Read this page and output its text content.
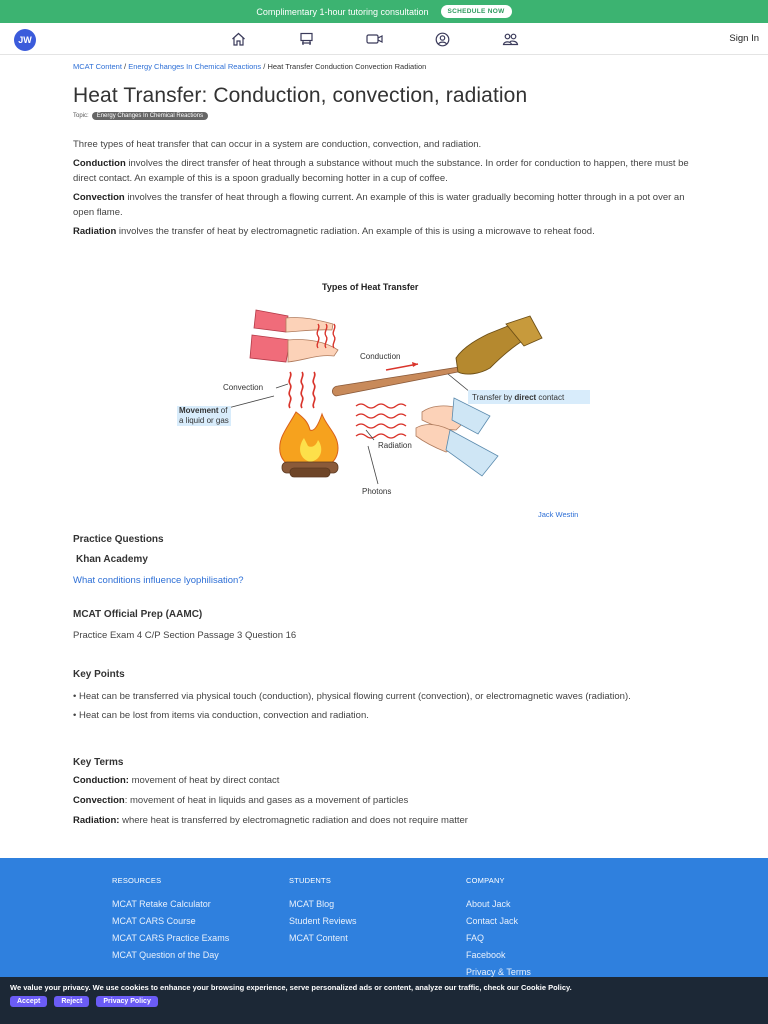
Complimentary 1-hour tutoring consultation	SCHEDULE NOW
JW	Sign In
MCAT Content / Energy Changes In Chemical Reactions / Heat Transfer Conduction Convection Radiation
Heat Transfer: Conduction, convection, radiation
Topic:	Energy Changes In Chemical Reactions

Three types of heat transfer that can occur in a system are conduction, convection, and radiation.

Conduction involves the direct transfer of heat through a substance without much the substance. In order for conduction to happen, there must be direct contact. An example of this is a spoon gradually becoming hotter in a cup of coffee.

Convection involves the transfer of heat through a flowing current. An example of this is water gradually becoming hotter through in a pot over an open flame.

Radiation involves the transfer of heat by electromagnetic radiation. An example of this is using a microwave to reheat food.

Types of Heat Transfer
Conduction
Convection
Movement of
a liquid or gas
Transfer by direct contact
Radiation
Photons
Jack Westin
Practice Questions
Khan Academy
What conditions influence lyophilisation?
MCAT Official Prep (AAMC)

Practice Exam 4 C/P Section Passage 3 Question 16

Key Points

• Heat can be transferred via physical touch (conduction), physical flowing current (convection), or electromagnetic waves (radiation).

• Heat can be lost from items via conduction, convection and radiation.

Key Terms

Conduction: movement of heat by direct contact

Convection: movement of heat in liquids and gases as a movement of particles

Radiation: where heat is transferred by electromagnetic radiation and does not require matter

RESOURCES
MCAT Retake Calculator
MCAT CARS Course
MCAT CARS Practice Exams
MCAT Question of the Day
STUDENTS
MCAT Blog
Student Reviews
MCAT Content
COMPANY
About Jack
Contact Jack
FAQ
Facebook
Privacy & Terms
We value your privacy. We use cookies to enhance your browsing experience, serve personalized ads or content, analyze our traffic, check our Cookie Policy.
Accept	Reject	Privacy Policy
